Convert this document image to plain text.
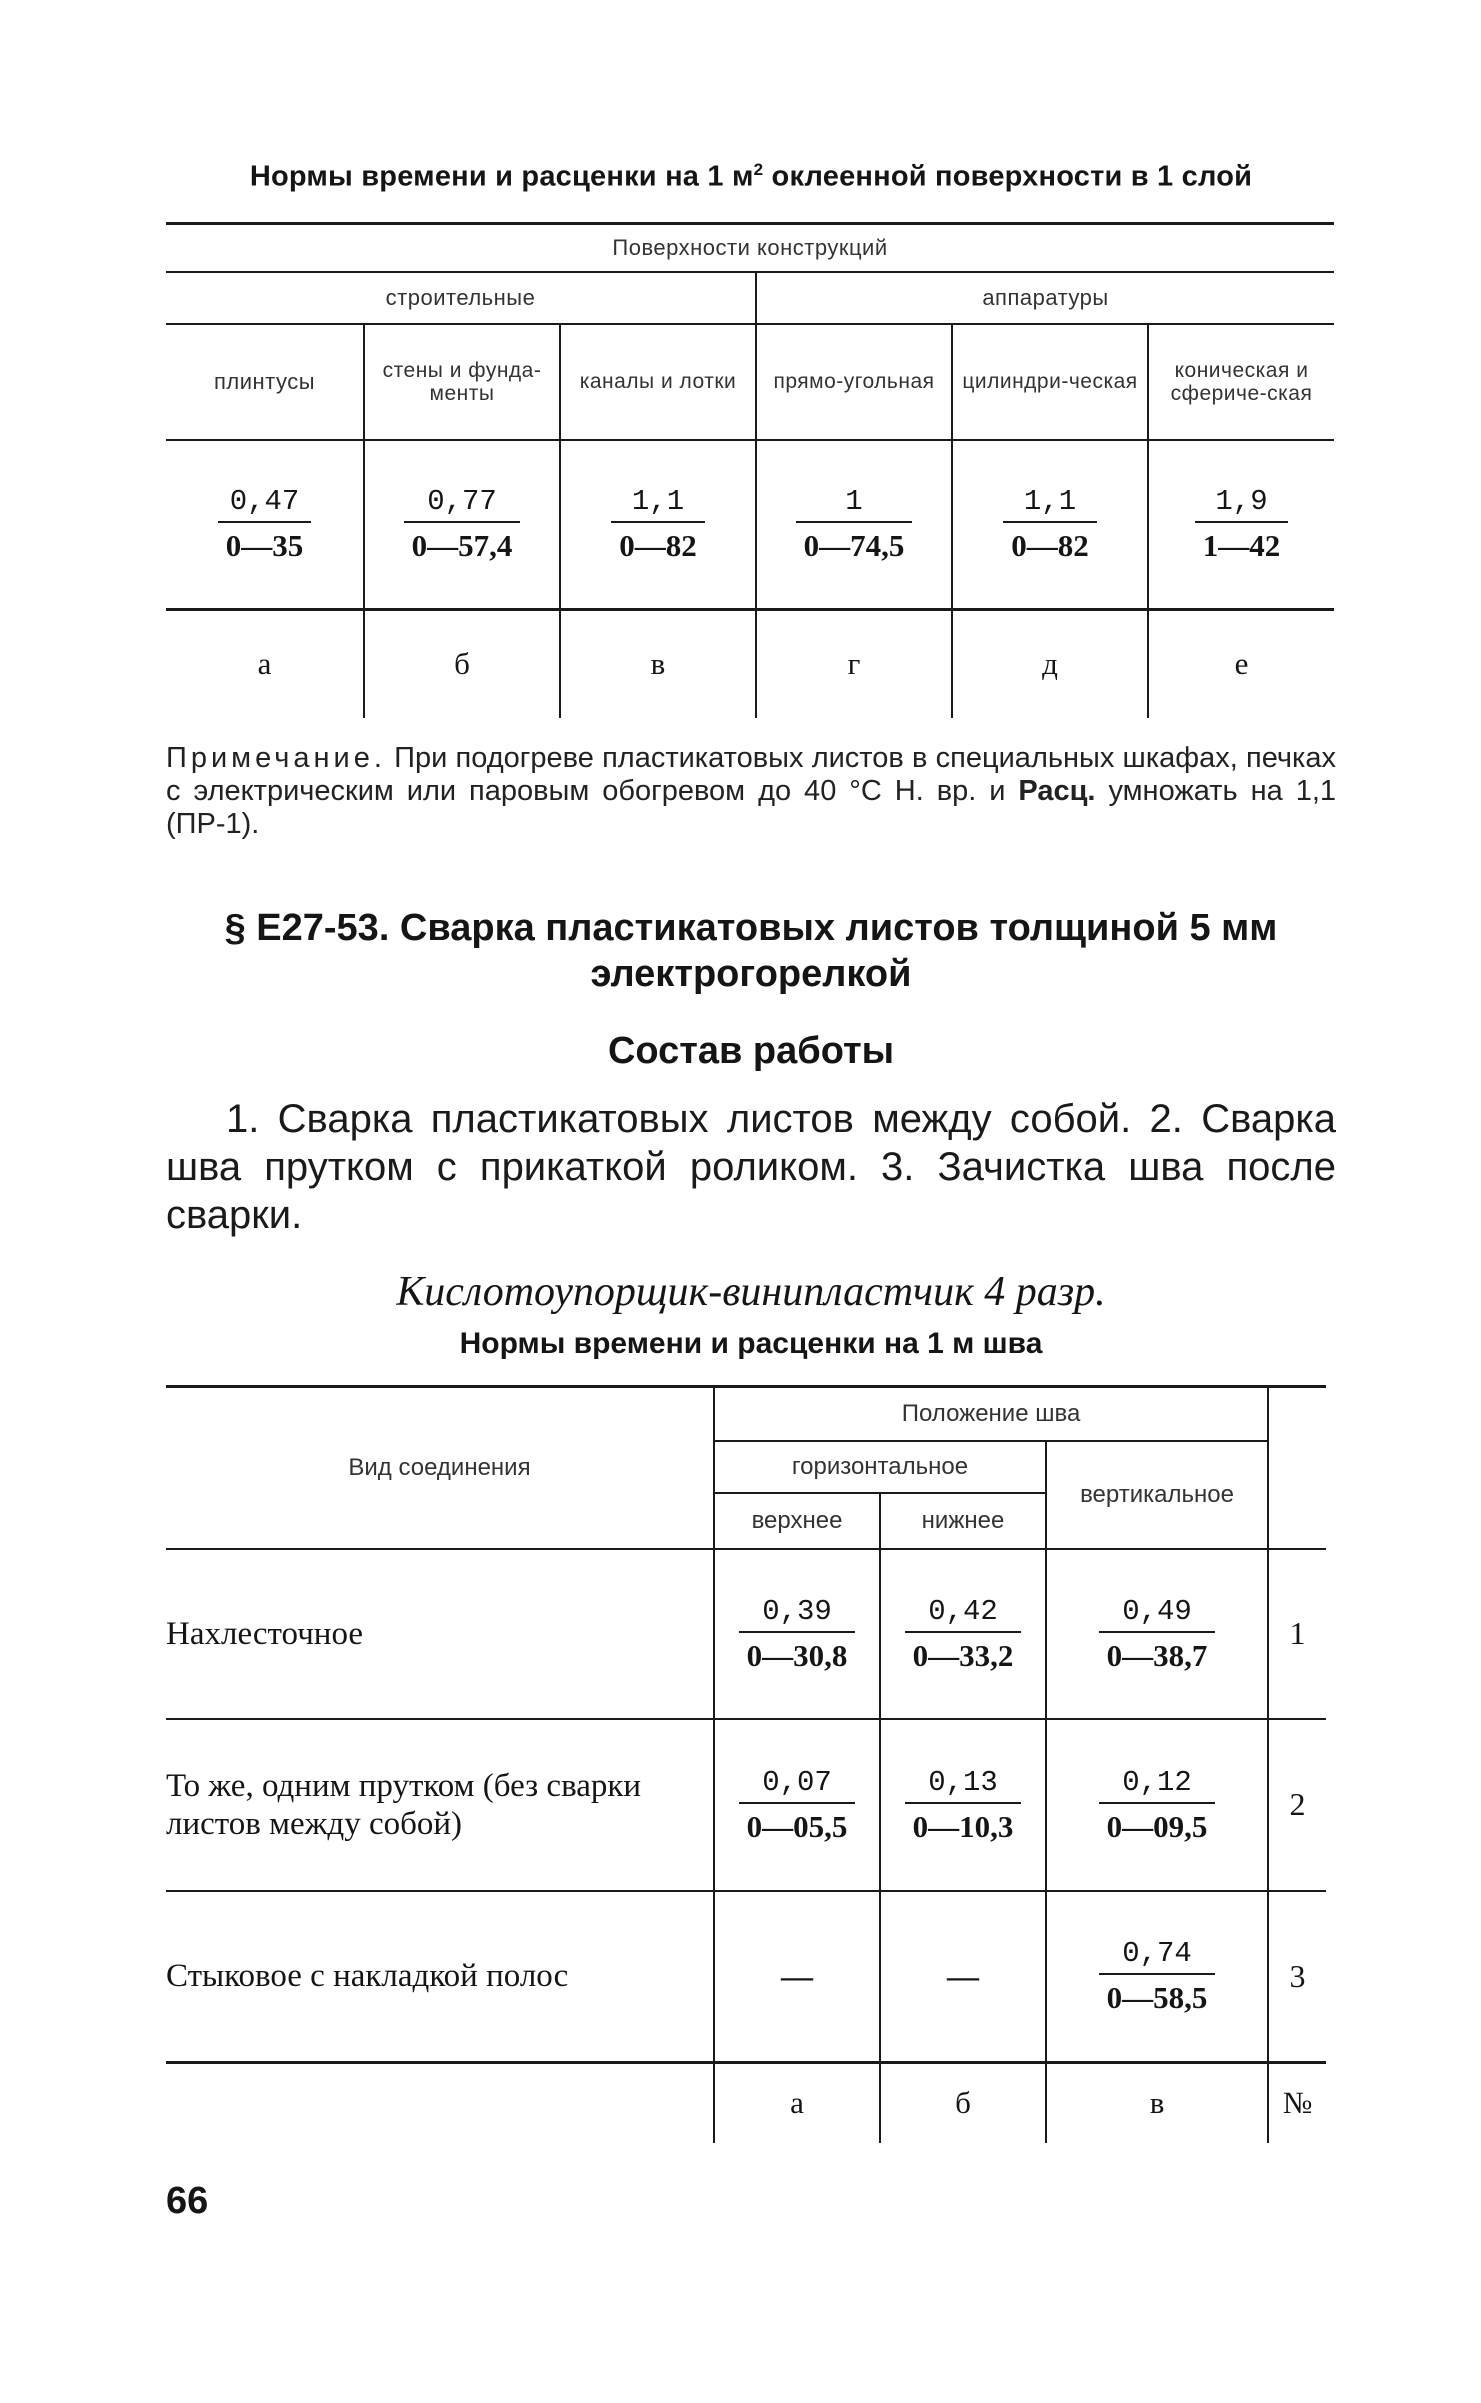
Нормы времени и расценки на 1 $м^2$ оклеенной поверхности в 1 слой
Поверхности конструкций					
строительные			аппаратуры		
плинтусы	стены и фунда-менты	каналы и лотки	прямо-угольная	цилиндри-ческая	коническая и сфериче-ская

$\frac{0,47}{0—35}$	$\frac{0,77}{0—57,4}$	$\frac{1,1}{0—82}$	$\frac{1}{0—74,5}$	$\frac{1,1}{0—82}$	$\frac{1,9}{1—42}$

а	б	в	г	д	е
Примечание. При подогреве пластикатовых листов в специальных шкафах, печках с электрическим или паровым обогревом до 40 °С Н. вр. и Расц. умножать на 1,1 (ПР-1).
§ Е27-53. Сварка пластикатовых листов толщиной 5 мм
электрогорелкой
Состав работы
1. Сварка пластикатовых листов между собой. 2. Сварка шва прутком с прикаткой роликом. 3. Зачистка шва после сварки.
Кислотоупорщик-винипластчик 4 разр.
Нормы времени и расценки на 1 м шва
Вид соединения	Положение шва			
	горизонтальное		вертикальное	
	верхнее	нижнее		
Нахлесточное	$\frac{0,39}{0—30,8}$	$\frac{0,42}{0—33,2}$	$\frac{0,49}{0—38,7}$	1
То же, одним прутком (без сварки листов между собой)	$\frac{0,07}{0—05,5}$	$\frac{0,13}{0—10,3}$	$\frac{0,12}{0—09,5}$	2
Стыковое с накладкой полос	—	—	$\frac{0,74}{0—58,5}$	3
	а	б	в	№
66
